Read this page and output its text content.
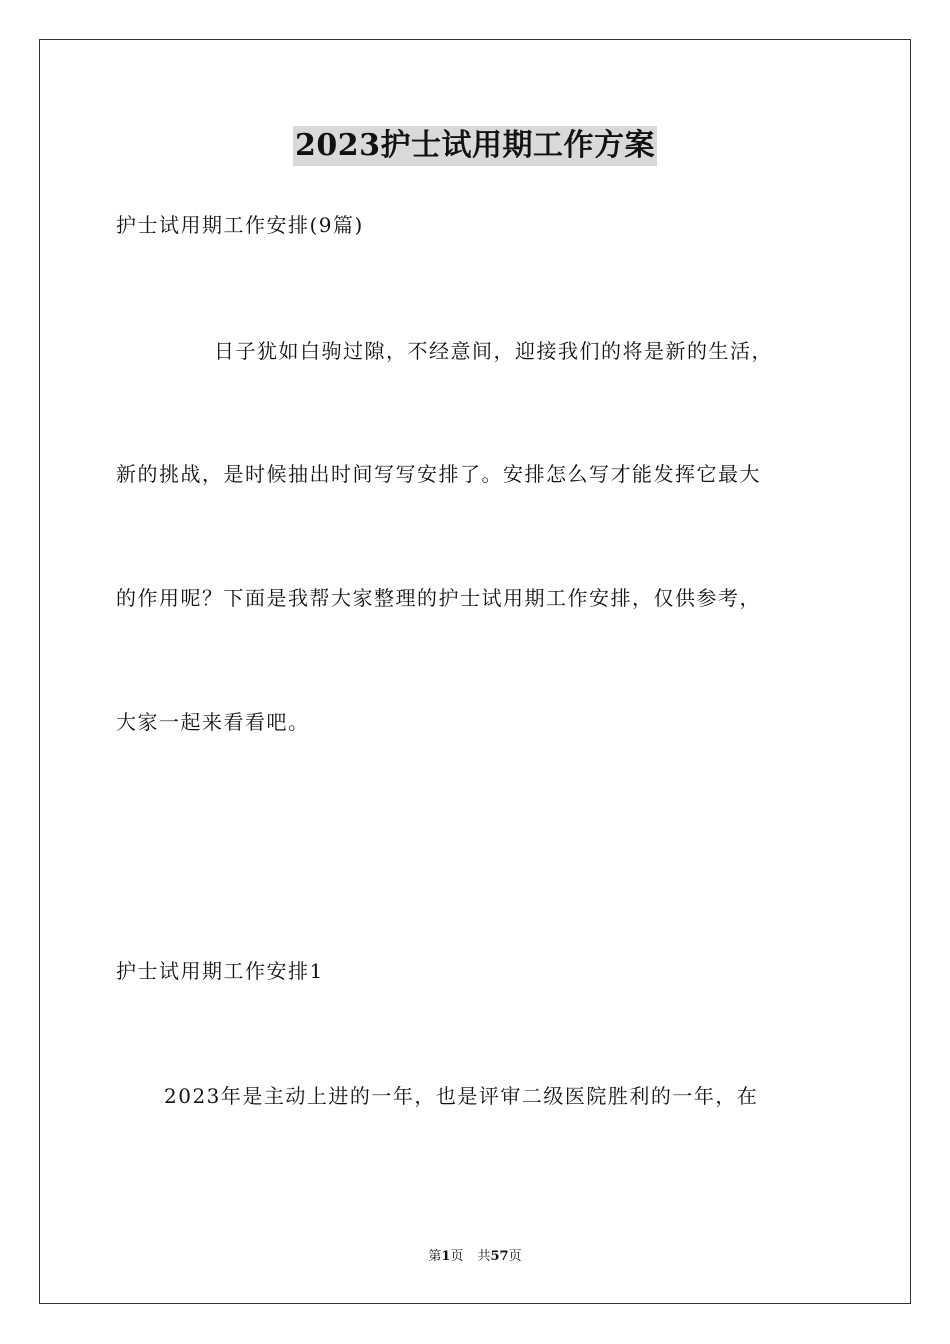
2023护士试用期工作方案
护士试用期工作安排(9篇)
日子犹如白驹过隙，不经意间，迎接我们的将是新的生活，
新的挑战，是时候抽出时间写写安排了。安排怎么写才能发挥它最大
的作用呢？下面是我帮大家整理的护士试用期工作安排，仅供参考，
大家一起来看看吧。
护士试用期工作安排1
2023年是主动上进的一年，也是评审二级医院胜利的一年，在
第1页 共57页
